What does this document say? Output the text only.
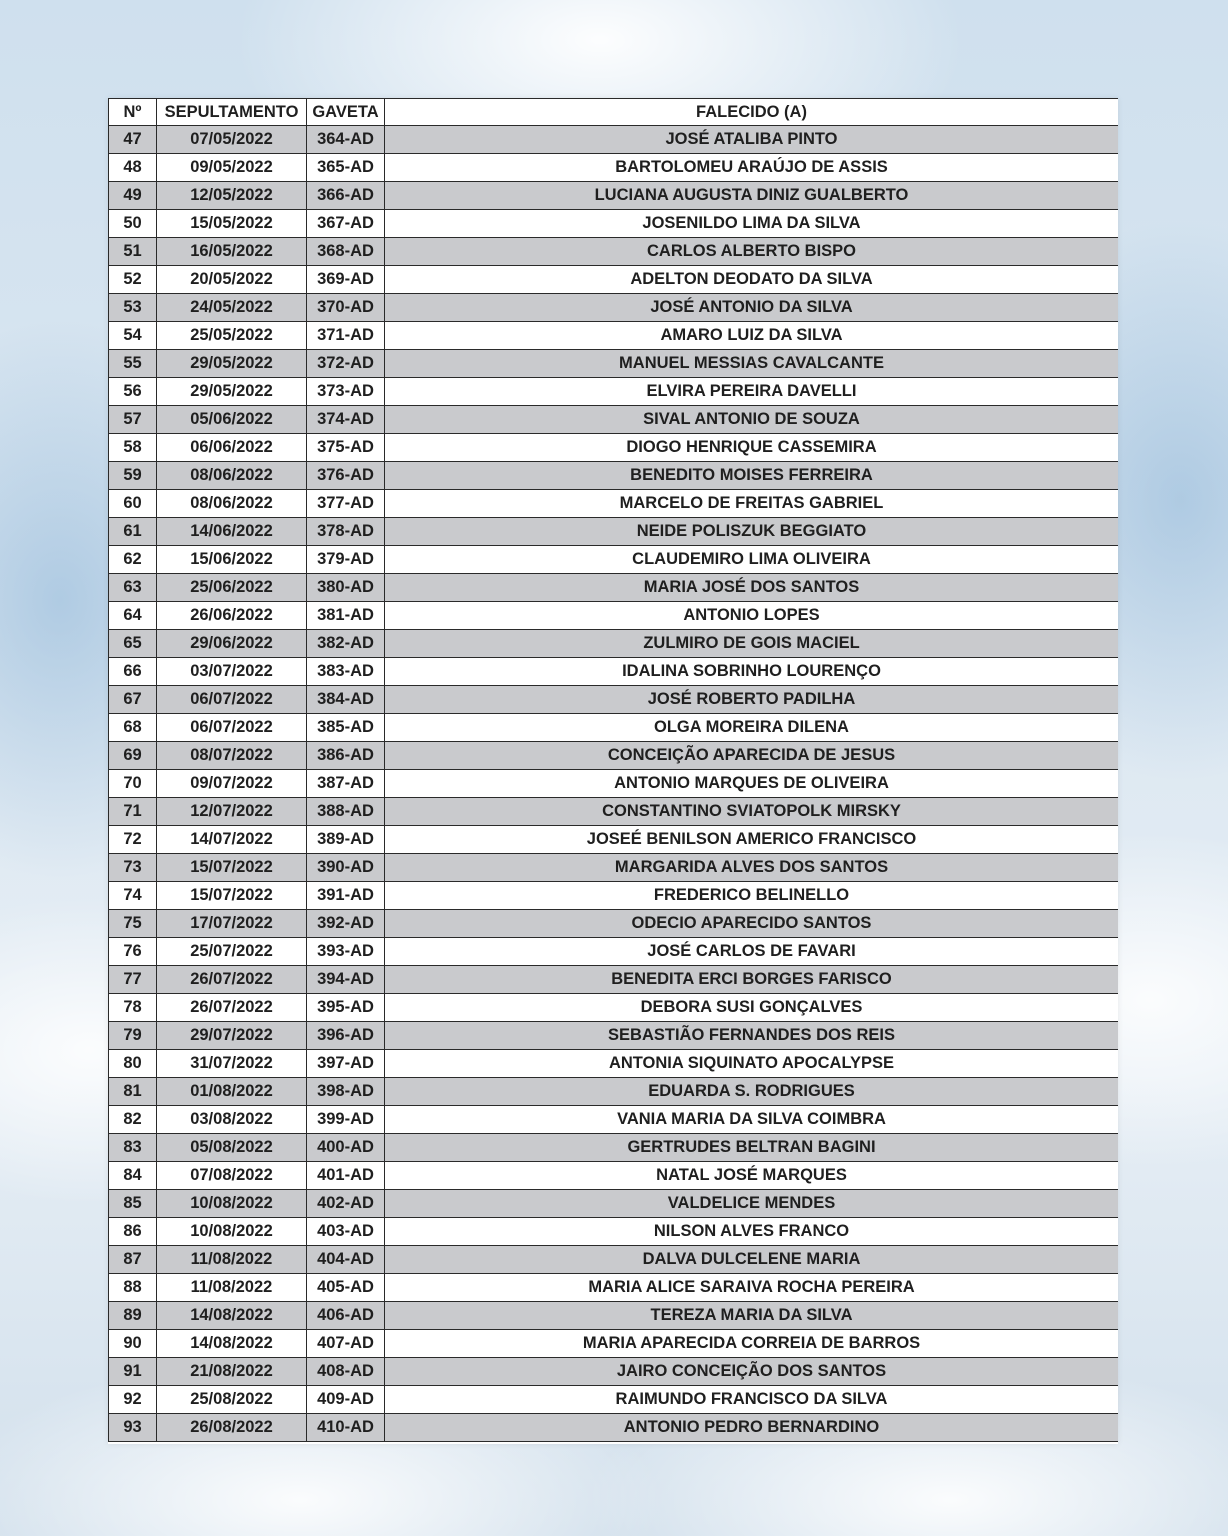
Nº	SEPULTAMENTO	GAVETA	FALECIDO (A)
47	07/05/2022	364-AD	JOSÉ ATALIBA PINTO
48	09/05/2022	365-AD	BARTOLOMEU ARAÚJO DE ASSIS
49	12/05/2022	366-AD	LUCIANA AUGUSTA DINIZ GUALBERTO
50	15/05/2022	367-AD	JOSENILDO LIMA DA SILVA
51	16/05/2022	368-AD	CARLOS ALBERTO BISPO
52	20/05/2022	369-AD	ADELTON DEODATO DA SILVA
53	24/05/2022	370-AD	JOSÉ ANTONIO DA SILVA
54	25/05/2022	371-AD	AMARO LUIZ DA SILVA
55	29/05/2022	372-AD	MANUEL MESSIAS CAVALCANTE
56	29/05/2022	373-AD	ELVIRA PEREIRA DAVELLI
57	05/06/2022	374-AD	SIVAL ANTONIO DE SOUZA
58	06/06/2022	375-AD	DIOGO HENRIQUE CASSEMIRA
59	08/06/2022	376-AD	BENEDITO MOISES FERREIRA
60	08/06/2022	377-AD	MARCELO DE FREITAS GABRIEL
61	14/06/2022	378-AD	NEIDE POLISZUK BEGGIATO
62	15/06/2022	379-AD	CLAUDEMIRO LIMA OLIVEIRA
63	25/06/2022	380-AD	MARIA JOSÉ DOS SANTOS
64	26/06/2022	381-AD	ANTONIO LOPES
65	29/06/2022	382-AD	ZULMIRO DE GOIS MACIEL
66	03/07/2022	383-AD	IDALINA SOBRINHO LOURENÇO
67	06/07/2022	384-AD	JOSÉ ROBERTO PADILHA
68	06/07/2022	385-AD	OLGA MOREIRA DILENA
69	08/07/2022	386-AD	CONCEIÇÃO APARECIDA DE JESUS
70	09/07/2022	387-AD	ANTONIO MARQUES DE OLIVEIRA
71	12/07/2022	388-AD	CONSTANTINO SVIATOPOLK MIRSKY
72	14/07/2022	389-AD	JOSEÉ BENILSON AMERICO FRANCISCO
73	15/07/2022	390-AD	MARGARIDA ALVES DOS SANTOS
74	15/07/2022	391-AD	FREDERICO BELINELLO
75	17/07/2022	392-AD	ODECIO APARECIDO SANTOS
76	25/07/2022	393-AD	JOSÉ CARLOS DE FAVARI
77	26/07/2022	394-AD	BENEDITA ERCI BORGES FARISCO
78	26/07/2022	395-AD	DEBORA SUSI GONÇALVES
79	29/07/2022	396-AD	SEBASTIÃO FERNANDES DOS REIS
80	31/07/2022	397-AD	ANTONIA SIQUINATO APOCALYPSE
81	01/08/2022	398-AD	EDUARDA S. RODRIGUES
82	03/08/2022	399-AD	VANIA MARIA DA SILVA COIMBRA
83	05/08/2022	400-AD	GERTRUDES BELTRAN BAGINI
84	07/08/2022	401-AD	NATAL JOSÉ MARQUES
85	10/08/2022	402-AD	VALDELICE MENDES
86	10/08/2022	403-AD	NILSON ALVES FRANCO
87	11/08/2022	404-AD	DALVA DULCELENE MARIA
88	11/08/2022	405-AD	MARIA ALICE SARAIVA ROCHA PEREIRA
89	14/08/2022	406-AD	TEREZA MARIA DA SILVA
90	14/08/2022	407-AD	MARIA APARECIDA CORREIA DE BARROS
91	21/08/2022	408-AD	JAIRO CONCEIÇÃO DOS SANTOS
92	25/08/2022	409-AD	RAIMUNDO FRANCISCO DA SILVA
93	26/08/2022	410-AD	ANTONIO PEDRO BERNARDINO
